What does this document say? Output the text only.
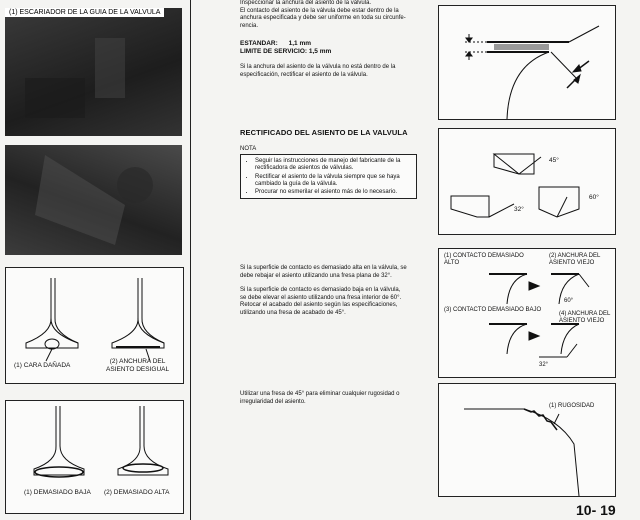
(1) ESCARIADOR DE LA GUIA DE LA VALVULA
(1) CARA DAÑADA
(2) ANCHURA DEL
ASIENTO DESIGUAL
(1) DEMASIADO BAJA (2) DEMASIADO ALTA
Inspeccionar la anchura del asiento de la válvula.
El contacto del asiento de la válvula debe estar dentro de la
anchura especificada y debe ser uniforme en toda su circunfe-
rencia.
ESTANDAR: 1,1 mm
LIMITE DE SERVICIO: 1,5 mm
Si la anchura del asiento de la válvula no está dentro de la
especificación, rectificar el asiento de la válvula.
RECTIFICADO DEL ASIENTO DE LA VALVULA
NOTA
• Seguir las instrucciones de manejo del fabricante de la rectificadora de asientos de válvulas.
• Rectificar el asiento de la válvula siempre que se haya cambiado la guía de la válvula.
• Procurar no esmerilar el asiento más de lo necesario.
Si la superficie de contacto es demasiado alta en la válvula, se
debe rebajar el asiento utilizando una fresa plana de 32°.
Si la superficie de contacto es demasiado baja en la válvula,
se debe elevar el asiento utilizando una fresa interior de 60°.
Retocar el acabado del asiento según las especificaciones,
utilizando una fresa de acabado de 45°.
Utilizar una fresa de 45° para eliminar cualquier rugosidad o
irregularidad del asiento.
45°
32°
60°
(1) CONTACTO DEMASIADO
ALTO
(2) ANCHURA DEL
ASIENTO VIEJO
(3) CONTACTO DEMASIADO BAJO
(4) ANCHURA DEL
ASIENTO VIEJO
60°
32°
(1) RUGOSIDAD
10- 19
